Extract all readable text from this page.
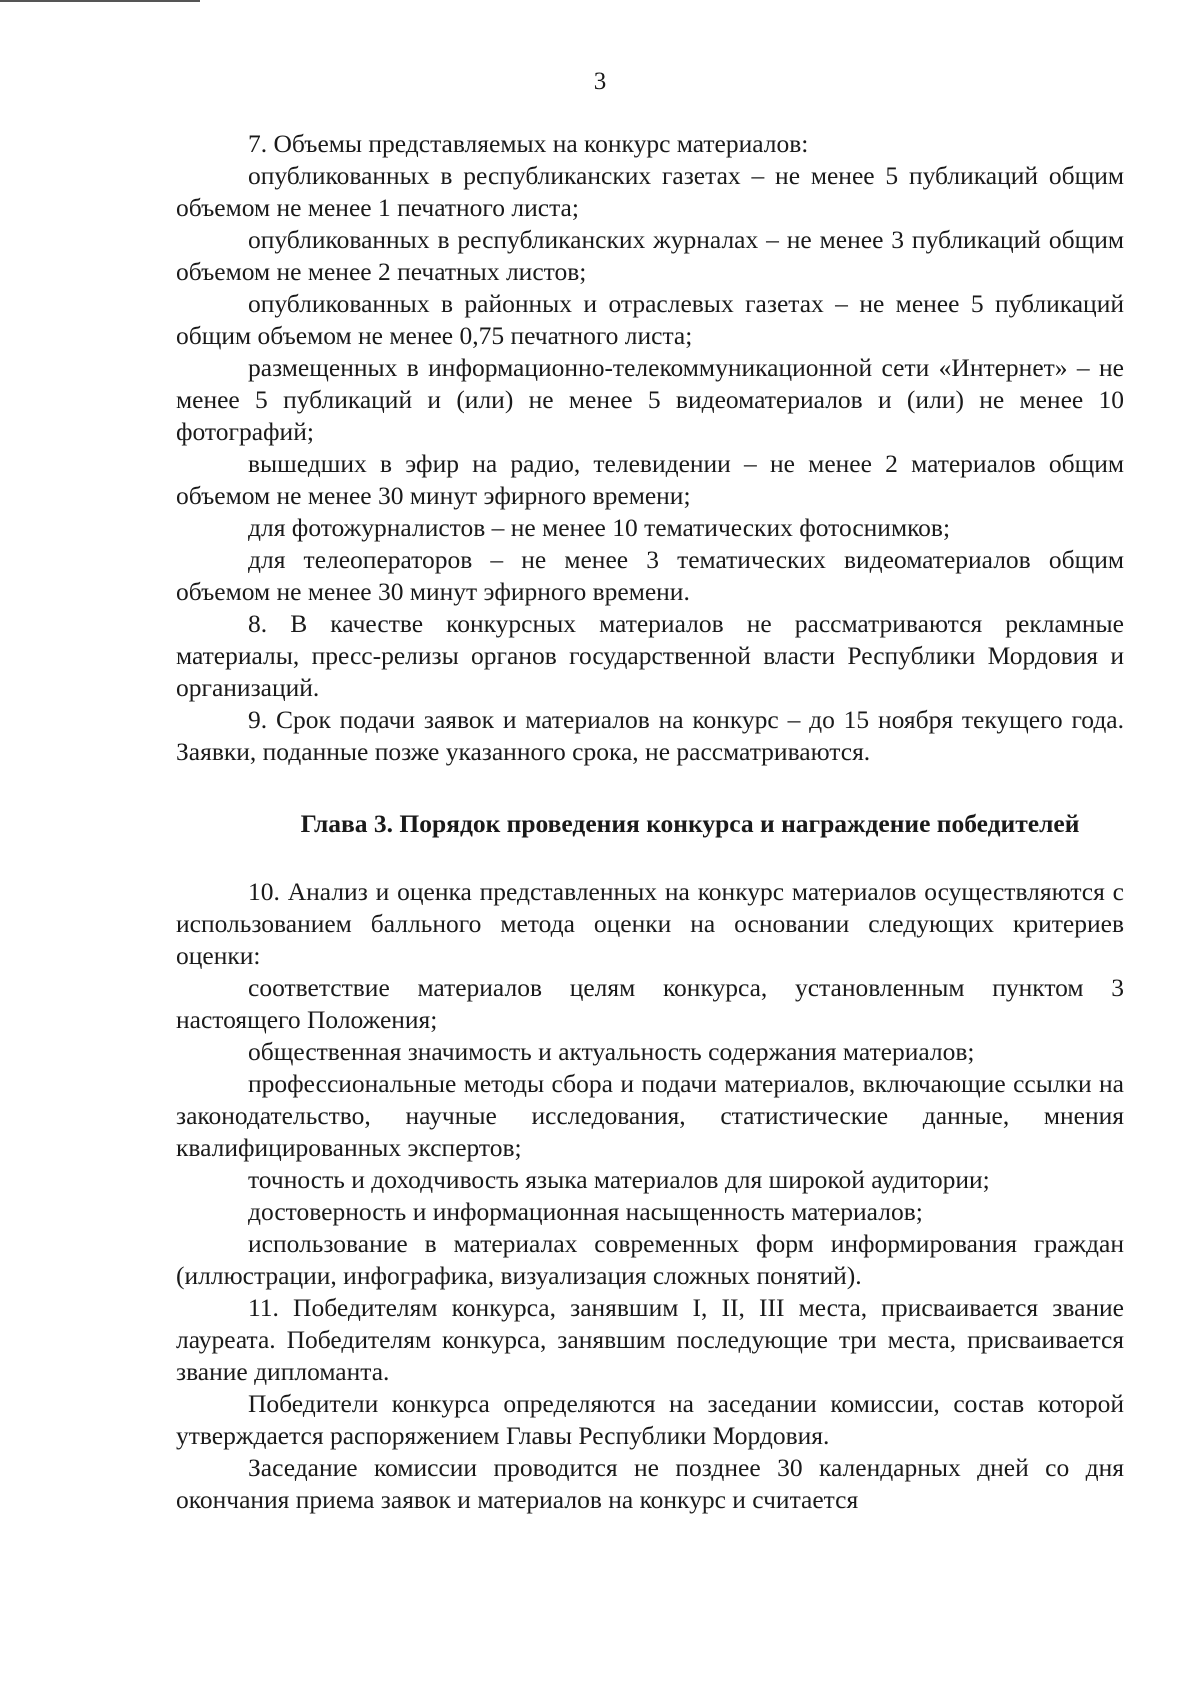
3

7. Объемы представляемых на конкурс материалов:

опубликованных в республиканских газетах – не менее 5 публикаций общим объемом не менее 1 печатного листа;

опубликованных в республиканских журналах – не менее 3 публикаций общим объемом не менее 2 печатных листов;

опубликованных в районных и отраслевых газетах – не менее 5 публикаций общим объемом не менее 0,75 печатного листа;

размещенных в информационно-телекоммуникационной сети «Интернет» – не менее 5 публикаций и (или) не менее 5 видеоматериалов и (или) не менее 10 фотографий;

вышедших в эфир на радио, телевидении – не менее 2 материалов общим объемом не менее 30 минут эфирного времени;

для фотожурналистов – не менее 10 тематических фотоснимков;

для телеоператоров – не менее 3 тематических видеоматериалов общим объемом не менее 30 минут эфирного времени.

8. В качестве конкурсных материалов не рассматриваются рекламные материалы, пресс-релизы органов государственной власти Республики Мордовия и организаций.

9. Срок подачи заявок и материалов на конкурс – до 15 ноября текущего года. Заявки, поданные позже указанного срока, не рассматриваются.

Глава 3. Порядок проведения конкурса и награждение победителей

10. Анализ и оценка представленных на конкурс материалов осуществляются с использованием балльного метода оценки на основании следующих критериев оценки:

соответствие материалов целям конкурса, установленным пунктом 3 настоящего Положения;

общественная значимость и актуальность содержания материалов;

профессиональные методы сбора и подачи материалов, включающие ссылки на законодательство, научные исследования, статистические данные, мнения квалифицированных экспертов;

точность и доходчивость языка материалов для широкой аудитории;

достоверность и информационная насыщенность материалов;

использование в материалах современных форм информирования граждан (иллюстрации, инфографика, визуализация сложных понятий).

11. Победителям конкурса, занявшим I, II, III места, присваивается звание лауреата. Победителям конкурса, занявшим последующие три места, присваивается звание дипломанта.

Победители конкурса определяются на заседании комиссии, состав которой утверждается распоряжением Главы Республики Мордовия.

Заседание комиссии проводится не позднее 30 календарных дней со дня окончания приема заявок и материалов на конкурс и считается
